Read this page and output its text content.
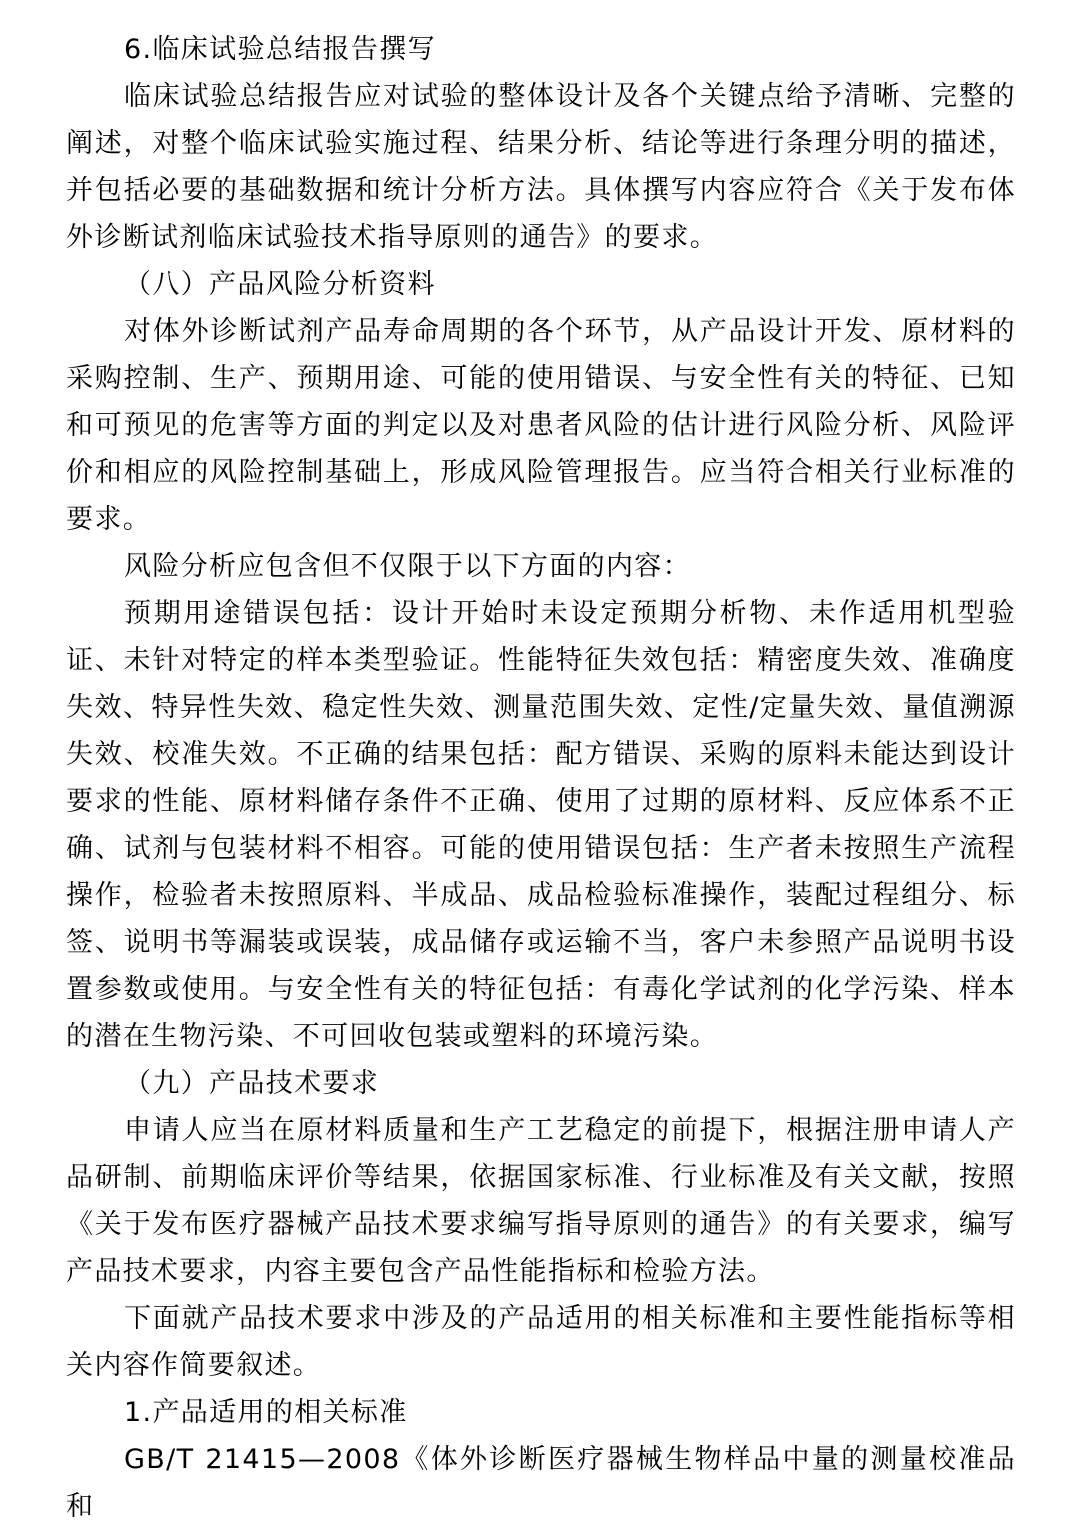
6.临床试验总结报告撰写

临床试验总结报告应对试验的整体设计及各个关键点给予清晰、完整的阐述，对整个临床试验实施过程、结果分析、结论等进行条理分明的描述，并包括必要的基础数据和统计分析方法。具体撰写内容应符合《关于发布体外诊断试剂临床试验技术指导原则的通告》的要求。

（八）产品风险分析资料

对体外诊断试剂产品寿命周期的各个环节，从产品设计开发、原材料的采购控制、生产、预期用途、可能的使用错误、与安全性有关的特征、已知和可预见的危害等方面的判定以及对患者风险的估计进行风险分析、风险评价和相应的风险控制基础上，形成风险管理报告。应当符合相关行业标准的要求。

风险分析应包含但不仅限于以下方面的内容：

预期用途错误包括：设计开始时未设定预期分析物、未作适用机型验证、未针对特定的样本类型验证。性能特征失效包括：精密度失效、准确度失效、特异性失效、稳定性失效、测量范围失效、定性/定量失效、量值溯源失效、校准失效。不正确的结果包括：配方错误、采购的原料未能达到设计要求的性能、原材料储存条件不正确、使用了过期的原材料、反应体系不正确、试剂与包装材料不相容。可能的使用错误包括：生产者未按照生产流程操作，检验者未按照原料、半成品、成品检验标准操作，装配过程组分、标签、说明书等漏装或误装，成品储存或运输不当，客户未参照产品说明书设置参数或使用。与安全性有关的特征包括：有毒化学试剂的化学污染、样本的潜在生物污染、不可回收包装或塑料的环境污染。

（九）产品技术要求

申请人应当在原材料质量和生产工艺稳定的前提下，根据注册申请人产品研制、前期临床评价等结果，依据国家标准、行业标准及有关文献，按照《关于发布医疗器械产品技术要求编写指导原则的通告》的有关要求，编写产品技术要求，内容主要包含产品性能指标和检验方法。

下面就产品技术要求中涉及的产品适用的相关标准和主要性能指标等相关内容作简要叙述。

1.产品适用的相关标准

GB/T 21415—2008《体外诊断医疗器械生物样品中量的测量校准品和
